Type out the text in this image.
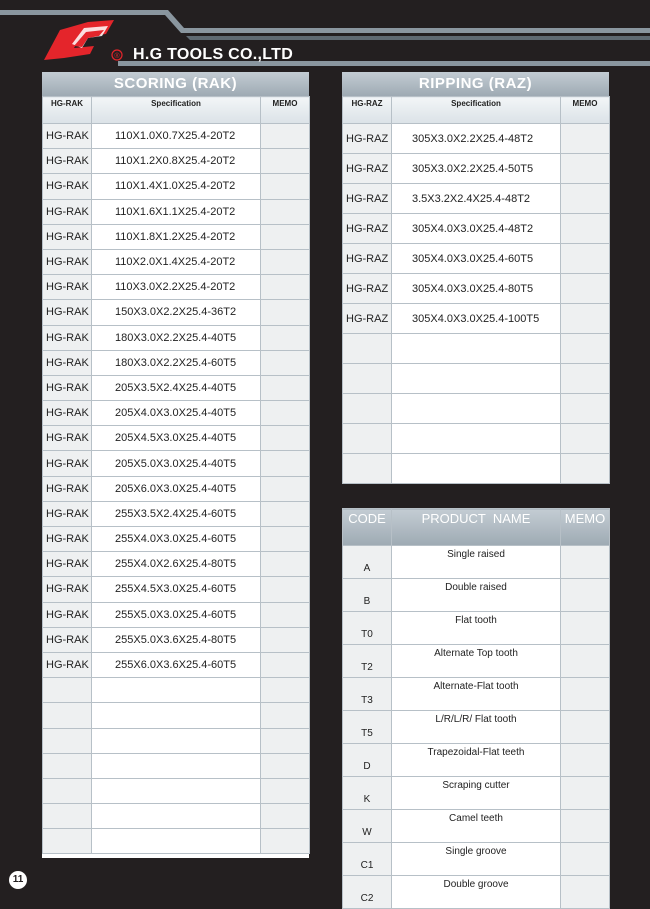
® H.G TOOLS CO.,LTD
SCORING (RAK)
HG-RAK	Specification	MEMO
HG-RAK	110X1.0X0.7X25.4-20T2	
HG-RAK	110X1.2X0.8X25.4-20T2	
HG-RAK	110X1.4X1.0X25.4-20T2	
HG-RAK	110X1.6X1.1X25.4-20T2	
HG-RAK	110X1.8X1.2X25.4-20T2	
HG-RAK	110X2.0X1.4X25.4-20T2	
HG-RAK	110X3.0X2.2X25.4-20T2	
HG-RAK	150X3.0X2.2X25.4-36T2	
HG-RAK	180X3.0X2.2X25.4-40T5	
HG-RAK	180X3.0X2.2X25.4-60T5	
HG-RAK	205X3.5X2.4X25.4-40T5	
HG-RAK	205X4.0X3.0X25.4-40T5	
HG-RAK	205X4.5X3.0X25.4-40T5	
HG-RAK	205X5.0X3.0X25.4-40T5	
HG-RAK	205X6.0X3.0X25.4-40T5	
HG-RAK	255X3.5X2.4X25.4-60T5	
HG-RAK	255X4.0X3.0X25.4-60T5	
HG-RAK	255X4.0X2.6X25.4-80T5	
HG-RAK	255X4.5X3.0X25.4-60T5	
HG-RAK	255X5.0X3.0X25.4-60T5	
HG-RAK	255X5.0X3.6X25.4-80T5	
HG-RAK	255X6.0X3.6X25.4-60T5	

RIPPING (RAZ)
HG-RAZ	Specification	MEMO
HG-RAZ	305X3.0X2.2X25.4-48T2	
HG-RAZ	305X3.0X2.2X25.4-50T5	
HG-RAZ	3.5X3.2X2.4X25.4-48T2	
HG-RAZ	305X4.0X3.0X25.4-48T2	
HG-RAZ	305X4.0X3.0X25.4-60T5	
HG-RAZ	305X4.0X3.0X25.4-80T5	
HG-RAZ	305X4.0X3.0X25.4-100T5	

CODE	PRODUCT  NAME	MEMO
A	Single raised	
B	Double raised	
T0	Flat tooth	
T2	Alternate Top tooth	
T3	Alternate-Flat tooth	
T5	L/R/L/R/ Flat tooth	
D	Trapezoidal-Flat teeth	
K	Scraping cutter	
W	Camel teeth	
C1	Single groove	
C2	Double groove	
11
